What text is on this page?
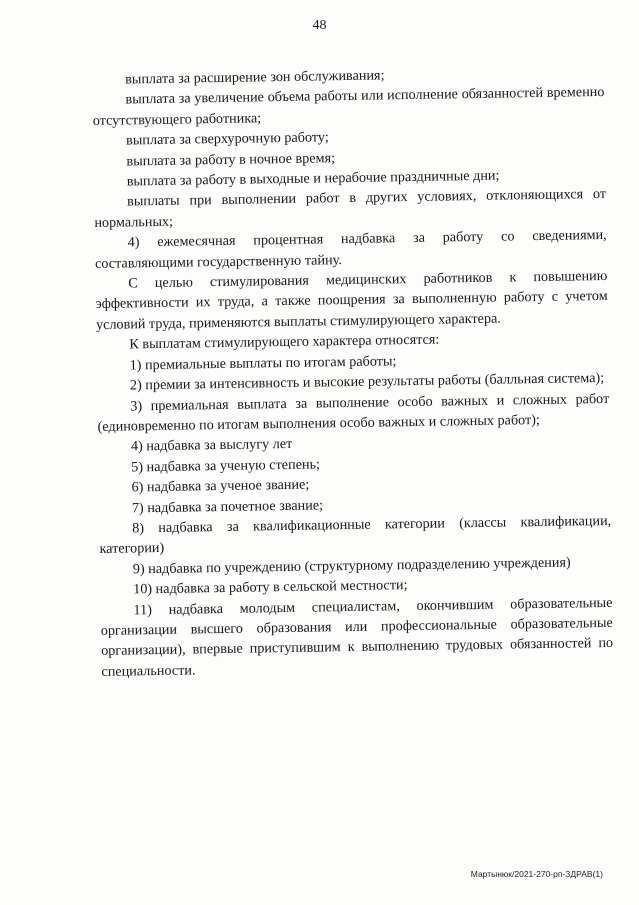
48

выплата за расширение зон обслуживания;

выплата за увеличение объема работы или исполнение обязанностей временно отсутствующего работника;

выплата за сверхурочную работу;

выплата за работу в ночное время;

выплата за работу в выходные и нерабочие праздничные дни;

выплаты при выполнении работ в других условиях, отклоняющихся от нормальных;

4) ежемесячная процентная надбавка за работу со сведениями, составляющими государственную тайну.

С целью стимулирования медицинских работников к повышению эффективности их труда, а также поощрения за выполненную работу с учетом условий труда, применяются выплаты стимулирующего характера.

К выплатам стимулирующего характера относятся:

1) премиальные выплаты по итогам работы;

2) премии за интенсивность и высокие результаты работы (балльная система);

3) премиальная выплата за выполнение особо важных и сложных работ (единовременно по итогам выполнения особо важных и сложных работ);

4) надбавка за выслугу лет

5) надбавка за ученую степень;

6) надбавка за ученое звание;

7) надбавка за почетное звание;

8) надбавка за квалификационные категории (классы квалификации, категории)

9) надбавка по учреждению (структурному подразделению учреждения)

10) надбавка за работу в сельской местности;

11) надбавка молодым специалистам, окончившим образовательные организации высшего образования или профессиональные образовательные организации), впервые приступившим к выполнению трудовых обязанностей по специальности.

Мартынюк/2021-270-рп-ЗДРАВ(1)
